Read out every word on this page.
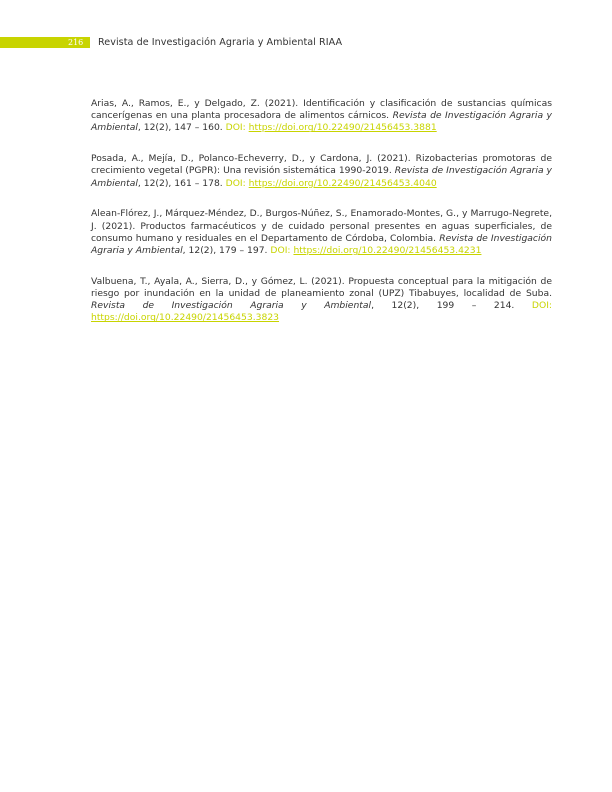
216 Revista de Investigación Agraria y Ambiental RIAA

Arias, A., Ramos, E., y Delgado, Z. (2021). Identificación y clasificación de sustancias químicas cancerígenas en una planta procesadora de alimentos cárnicos. Revista de Investigación Agraria y Ambiental, 12(2), 147 – 160. DOI: https://doi.org/10.22490/21456453.3881

Posada, A., Mejía, D., Polanco-Echeverry, D., y Cardona, J. (2021). Rizobacterias promotoras de crecimiento vegetal (PGPR): Una revisión sistemática 1990-2019. Revista de Investigación Agraria y Ambiental, 12(2), 161 – 178. DOI: https://doi.org/10.22490/21456453.4040

Alean-Flórez, J., Márquez-Méndez, D., Burgos-Núñez, S., Enamorado-Montes, G., y Marrugo-Negrete, J. (2021). Productos farmacéuticos y de cuidado personal presentes en aguas superficiales, de consumo humano y residuales en el Departamento de Córdoba, Colombia. Revista de Investigación Agraria y Ambiental, 12(2), 179 – 197. DOI: https://doi.org/10.22490/21456453.4231

Valbuena, T., Ayala, A., Sierra, D., y Gómez, L. (2021). Propuesta conceptual para la mitigación de riesgo por inundación en la unidad de planeamiento zonal (UPZ) Tibabuyes, localidad de Suba. Revista de Investigación Agraria y Ambiental, 12(2), 199 – 214. DOI: https://doi.org/10.22490/21456453.3823
